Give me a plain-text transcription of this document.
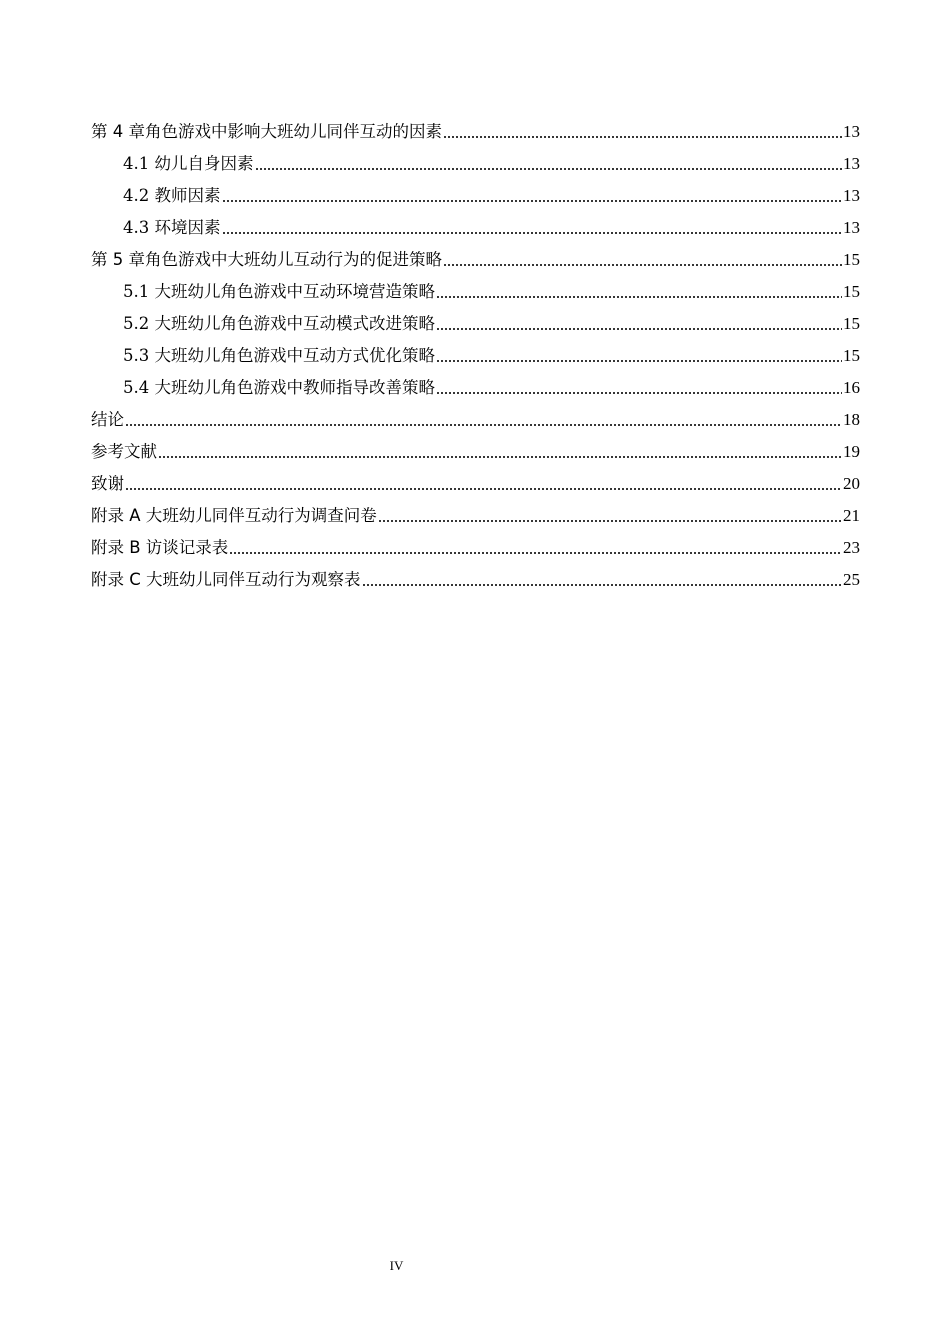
第 4 章角色游戏中影响大班幼儿同伴互动的因素	13
4.1 幼儿自身因素	13
4.2 教师因素	13
4.3 环境因素	13
第 5 章角色游戏中大班幼儿互动行为的促进策略	15
5.1 大班幼儿角色游戏中互动环境营造策略	15
5.2 大班幼儿角色游戏中互动模式改进策略	15
5.3 大班幼儿角色游戏中互动方式优化策略	15
5.4 大班幼儿角色游戏中教师指导改善策略	16
结论	18
参考文献	19
致谢	20
附录 A 大班幼儿同伴互动行为调查问卷	21
附录 B 访谈记录表	23
附录 C 大班幼儿同伴互动行为观察表	25
IV
